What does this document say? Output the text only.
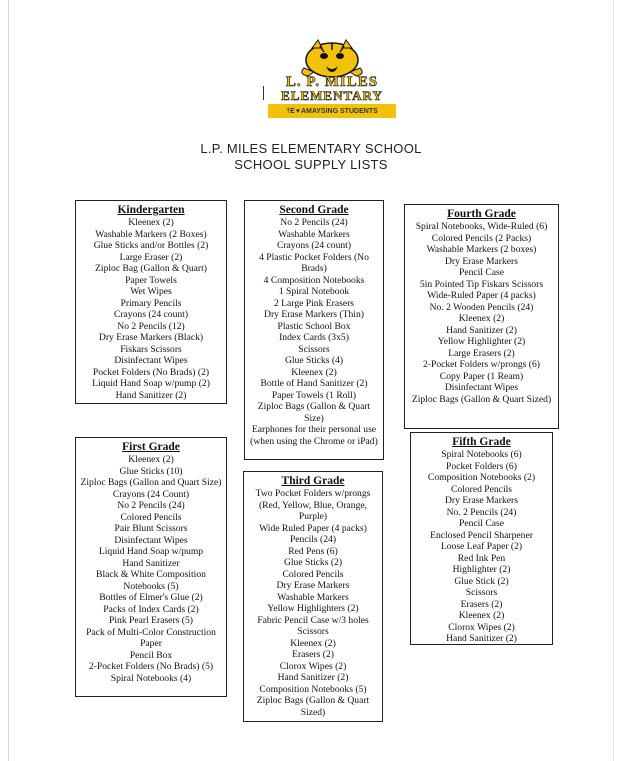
L. P. MILES
ELEMENTARY
†E ♥ AMAYSING
STUDENTS
L.P. MILES ELEMENTARY SCHOOL
SCHOOL SUPPLY LISTS
Kindergarten
Kleenex (2)
Washable Markers (2 Boxes)
Glue Sticks and/or Bottles (2)
Large Eraser (2)
Ziploc Bag (Gallon & Quart)
Paper Towels
Wet Wipes
Primary Pencils
Crayons (24 count)
No 2 Pencils (12)
Dry Erase Markers (Black)
Fiskars Scissors
Disinfectant Wipes
Pocket Folders (No Brads) (2)
Liquid Hand Soap w/pump (2)
Hand Sanitizer (2)
Second Grade
No 2 Pencils (24)
Washable Markers
Crayons (24 count)
4 Plastic Pocket Folders (No Brads)
4 Composition Notebooks
1 Spiral Notebook
2 Large Pink Erasers
Dry Erase Markers (Thin)
Plastic School Box
Index Cards (3x5)
Scissors
Glue Sticks (4)
Kleenex (2)
Bottle of Hand Sanitizer (2)
Paper Towels (1 Roll)
Ziploc Bags (Gallon & Quart Size)
Earphones for their personal use (when using the Chrome or iPad)
Fourth Grade
Spiral Notebooks, Wide-Ruled (6)
Colored Pencils (2 Packs)
Washable Markers (2 boxes)
Dry Erase Markers
Pencil Case
5in Pointed Tip Fiskars Scissors
Wide-Ruled Paper (4 packs)
No. 2 Wooden Pencils (24)
Kleenex (2)
Hand Sanitizer (2)
Yellow Highlighter (2)
Large Erasers (2)
2-Pocket Folders w/prongs (6)
Copy Paper (1 Ream)
Disinfectant Wipes
Ziploc Bags (Gallon & Quart Sized)
First Grade
Kleenex (2)
Glue Sticks (10)
Ziploc Bags (Gallon and Quart Size)
Crayons (24 Count)
No 2 Pencils (24)
Colored Pencils
Pair Blunt Scissors
Disinfectant Wipes
Liquid Hand Soap w/pump
Hand Sanitizer
Black & White Composition Notebooks (5)
Bottles of Elmer's Glue (2)
Packs of Index Cards (2)
Pink Pearl Erasers (5)
Pack of Multi-Color Construction Paper
Pencil Box
2-Pocket Folders (No Brads) (5)
Spiral Notebooks (4)
Third Grade
Two Pocket Folders w/prongs (Red, Yellow, Blue, Orange, Purple)
Wide Ruled Paper (4 packs)
Pencils (24)
Red Pens (6)
Glue Sticks (2)
Colored Pencils
Dry Erase Markers
Washable Markers
Yellow Highlighters (2)
Fabric Pencil Case w/3 holes
Scissors
Kleenex (2)
Erasers (2)
Clorox Wipes (2)
Hand Sanitizer (2)
Composition Notebooks (5)
Ziploc Bags (Gallon & Quart Sized)
Fifth Grade
Spiral Notebooks (6)
Pocket Folders (6)
Composition Notebooks (2)
Colored Pencils
Dry Erase Markers
No. 2 Pencils (24)
Pencil Case
Enclosed Pencil Sharpener
Loose Leaf Paper (2)
Red Ink Pen
Highlighter (2)
Glue Stick (2)
Scissors
Erasers (2)
Kleenex (2)
Clorox Wipes (2)
Hand Sanitizer (2)
